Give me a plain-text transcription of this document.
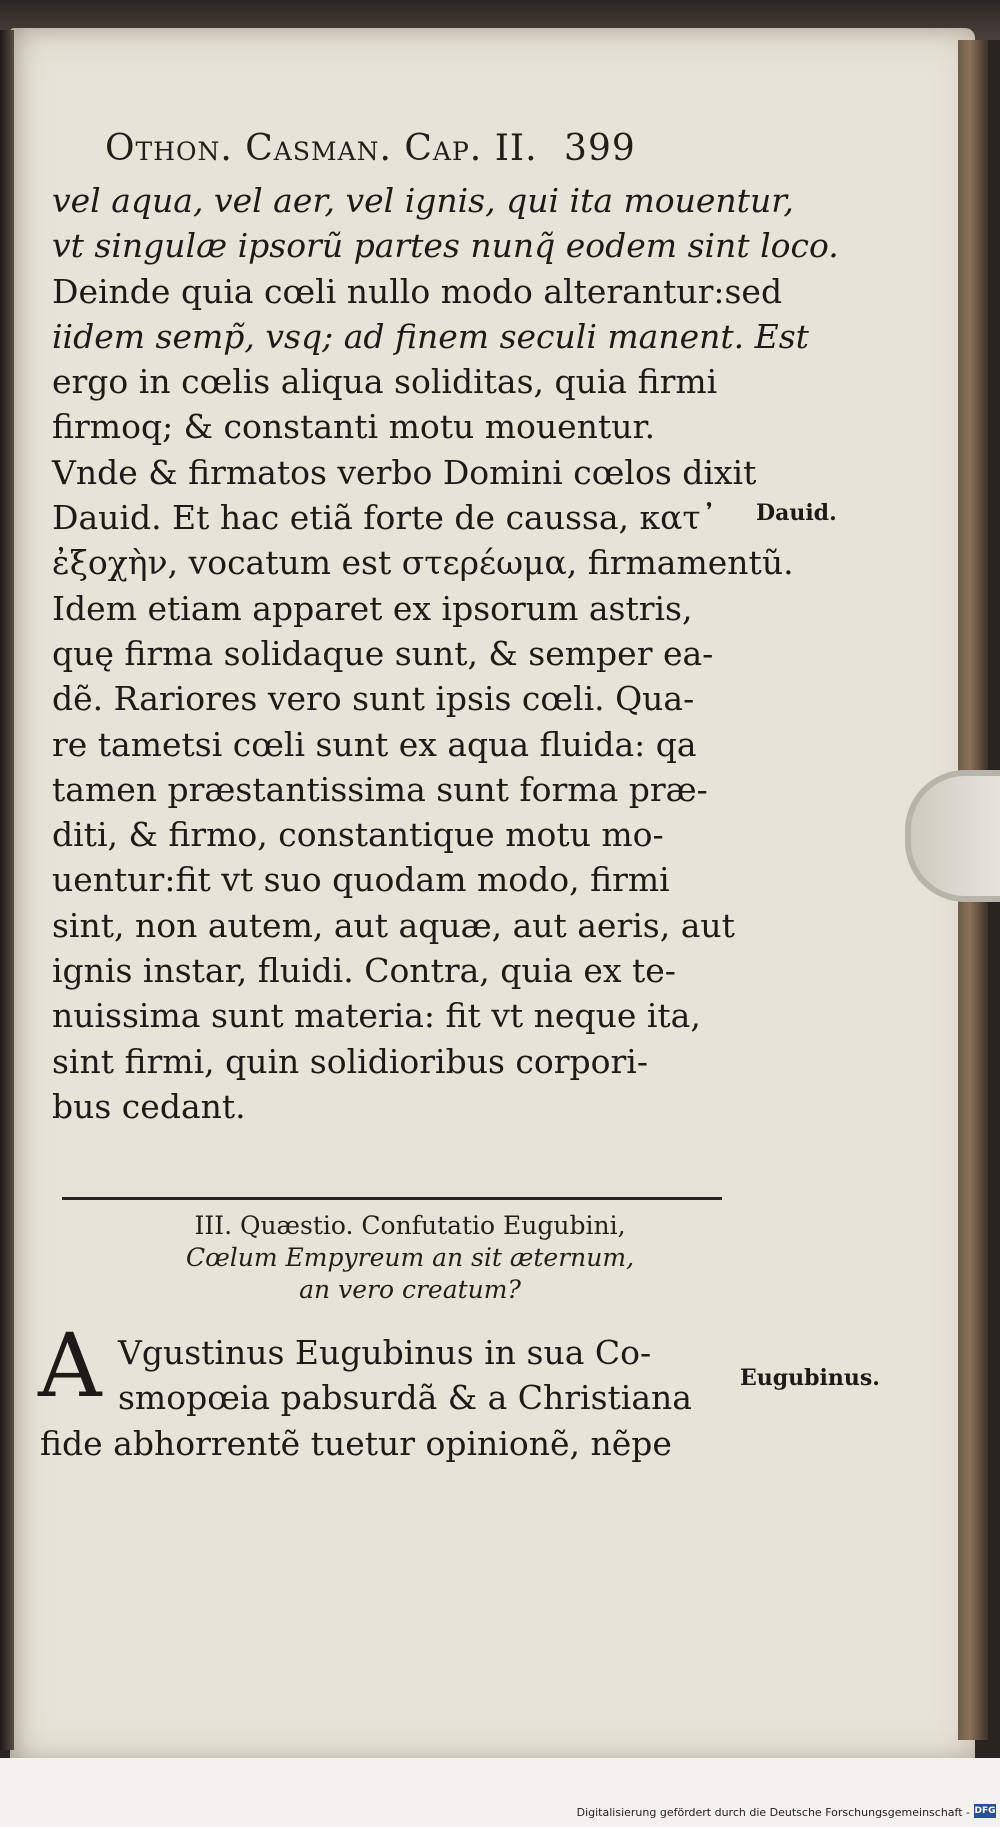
Othon. Casman. Cap. II. 399
vel aqua, vel aer, vel ignis, qui ita mouentur,
vt singulæ ipsorũ partes nunq̃ eodem sint loco.
Deinde quia cœli nullo modo alterantur:sed
iidem semp̃, vsq; ad finem seculi manent. Est
ergo in cœlis aliqua soliditas, quia firmi
firmoq; & constanti motu mouentur.
Vnde & firmatos verbo Domini cœlos dixit
Dauid. Et hac etiã forte de caussa, κατ᾽
ἐξοχὴν, vocatum est στερέωμα, firmamentũ.
Idem etiam apparet ex ipsorum astris,
quę firma solidaque sunt, & semper ea-
dẽ. Rariores vero sunt ipsis cœli. Qua-
re tametsi cœli sunt ex aqua fluida: qa
tamen præstantissima sunt forma præ-
diti, & firmo, constantique motu mo-
uentur:fit vt suo quodam modo, firmi
sint, non autem, aut aquæ, aut aeris, aut
ignis instar, fluidi. Contra, quia ex te-
nuissima sunt materia: fit vt neque ita,
sint firmi, quin solidioribus corpori-
bus cedant.
Dauid.
III. Quæstio. Confutatio Eugubini,
Cœlum Empyreum an sit æternum,
an vero creatum?
A Vgustinus Eugubinus in sua Co-
smopœia pabsurdã & a Christiana
fide abhorrentẽ tuetur opinionẽ, nẽpe
Eugubinus.
Digitalisierung gefördert durch die Deutsche Forschungsgemeinschaft - DFG
